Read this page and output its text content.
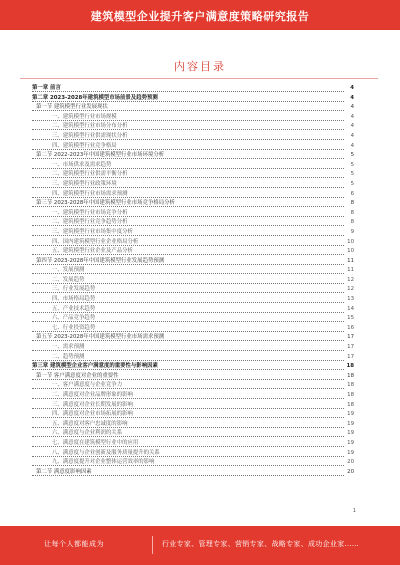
建筑模型企业提升客户满意度策略研究报告
内容目录
第一章 前言	4
第二章 2023-2028年建筑模型市场前景及趋势预测	4
第一节 建筑模型行业发展现状	4
一、建筑模型行业市场规模	4
二、建筑模型行业市场分布分析	4
三、建筑模型行业供需现状分析	4
四、建筑模型行业竞争格局	4
第二节 2022-2023年中国建筑模型行业市场环境分析	5
一、市场供求及需求趋势	5
二、建筑模型行业供需平衡分析	5
三、建筑模型行业政策环境	5
四、建筑模型行业市场需求预测	6
第三节 2023-2028年中国建筑模型行业市场竞争格局分析	8
一、建筑模型行业市场竞争分析	8
二、建筑模型行业竞争趋势分析	8
三、建筑模型行业市场集中度分析	9
四、国内建筑模型行业企业格局分析	10
五、建筑模型行业企业及产品分析	10
第四节 2023-2028年中国建筑模型行业发展趋势预测	11
一、发展预测	11
二、发展趋势	12
三、行业发展趋势	12
四、市场格局趋势	13
五、产业技术趋势	14
六、产品竞争趋势	15
七、行业投资趋势	16
第五节 2023-2028年中国建筑模型行业市场需求预测	17
一、需求预测	17
二、趋势预测	17
第三章 建筑模型企业客户满意度的重要性与影响因素	18
第一节 客户满意度对企业的重要性	18
一、客户满意度与企业竞争力	18
二、满意度对企业品牌形象的影响	18
三、满意度对企业长期发展的影响	18
四、满意度对企业市场拓展的影响	19
五、满意度对客户忠诚度的影响	19
六、满意度与企业利润的关系	19
七、满意度在建筑模型行业中的应用	19
八、满意度与企业创新及服务质量提升的关系	19
九、满意度提升对企业整体运营效率的影响	20
第二节 满意度影响因素	20
1
让每个人都能成为	行业专家、管理专家、营销专家、战略专家、成功企业家……
